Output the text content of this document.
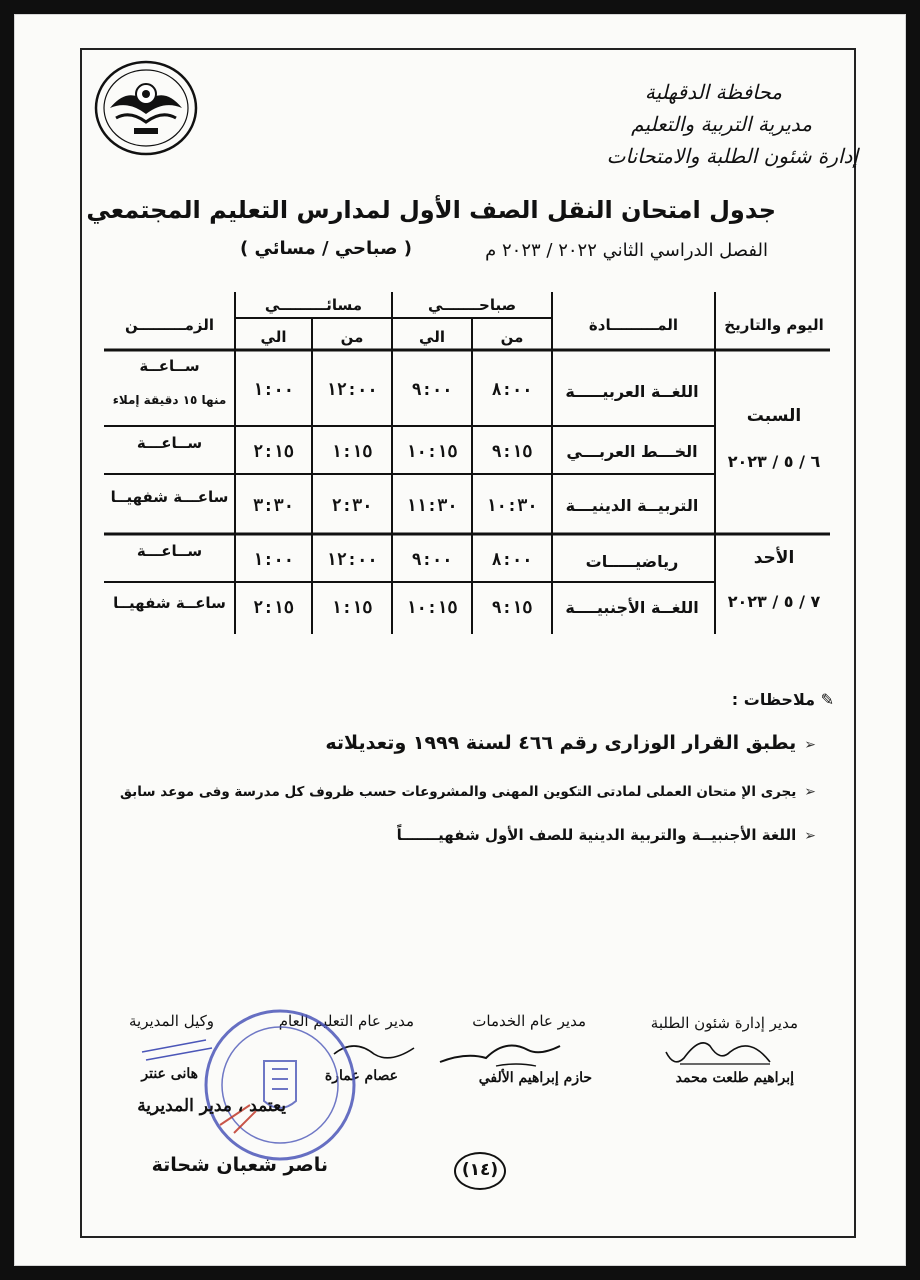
محافظة الدقهلية
مديرية التربية والتعليم
إدارة شئون الطلبة والامتحانات
جدول امتحان النقل الصف الأول لمدارس التعليم المجتمعي
الفصل الدراسي الثاني ٢٠٢٢ / ٢٠٢٣ م
( صباحي / مسائي )
اليوم والتاريخ
المـــــــــادة
صباحـــــــي
مسائـــــــــي
من
الي
من
الي
الزمـــــــــن
السبت
٦ / ٥ / ٢٠٢٣
الأحد
٧ / ٥ / ٢٠٢٣
اللغــة العربيـــــة
٨:٠٠
٩:٠٠
١٢:٠٠
١:٠٠
ســاعــة
منها ١٥ دقيقة إملاء
الخـــط العربـــي
٩:١٥
١٠:١٥
١:١٥
٢:١٥
ســاعـــة
التربيــة الدينيـــة
١٠:٣٠
١١:٣٠
٢:٣٠
٣:٣٠
ساعـــة شفهيــا
رياضيـــــات
٨:٠٠
٩:٠٠
١٢:٠٠
١:٠٠
ســاعـــة
اللغــة الأجنبيــــة
٩:١٥
١٠:١٥
١:١٥
٢:١٥
ساعــة شفهيــا
✎ ملاحظات :
➢يطبق القرار الوزارى رقم ٤٦٦ لسنة ١٩٩٩ وتعديلاته
➢يجرى الإ متحان العملى لمادتى التكوين المهنى والمشروعات حسب ظروف كل مدرسة وفى موعد سابق
➢اللغة الأجنبيــة والتربية الدينية للصف الأول شفهيـــــــاً
مدير إدارة شئون الطلبة
إبراهيم طلعت محمد
مدير عام الخدمات
حازم إبراهيم الألفي
مدير عام التعليم العام
عصام عمارة
وكيل المديرية
هانى عنتر
يعتمد ، مدير المديرية
ناصر شعبان شحاتة	(١٤)
